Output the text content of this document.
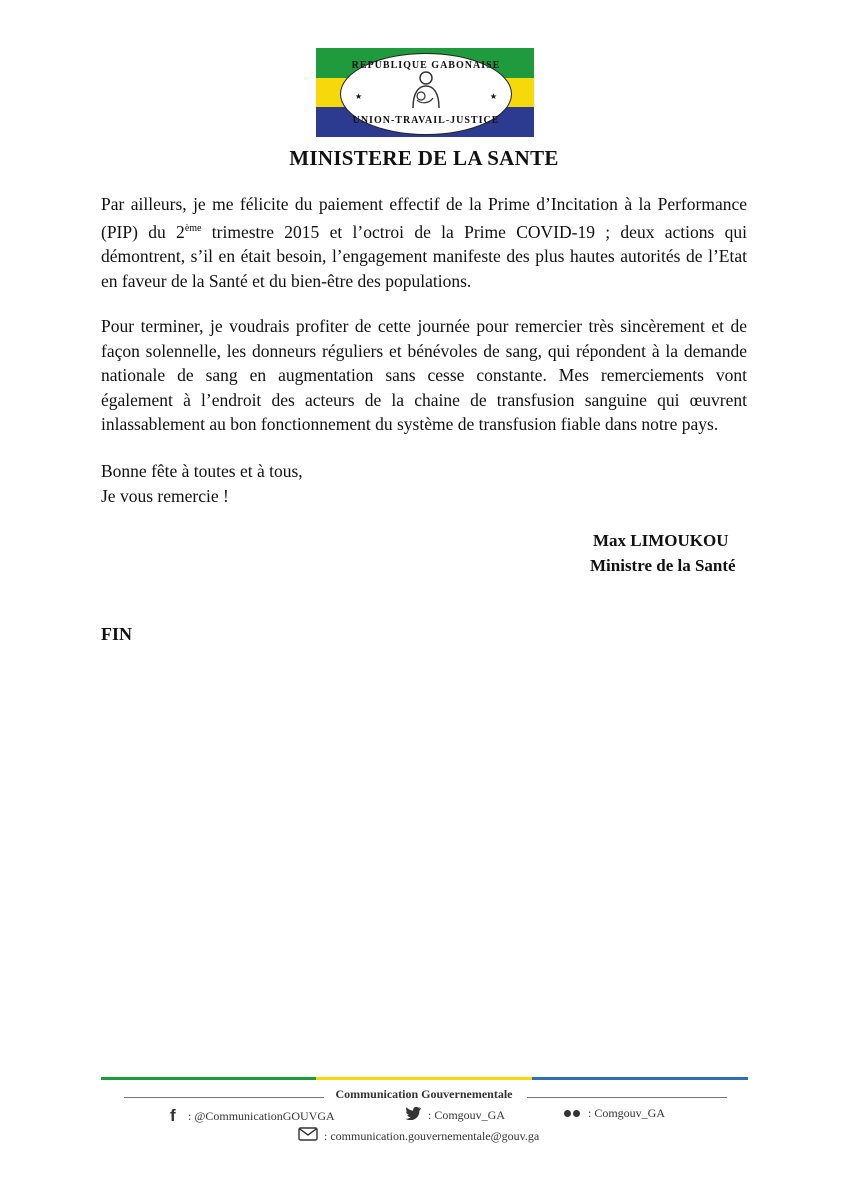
REPUBLIQUE GABONAISE
★	★
UNION-TRAVAIL-JUSTICE
MINISTERE DE LA SANTE
Par ailleurs, je me félicite du paiement effectif de la Prime d’Incitation à la Performance (PIP) du 2ème trimestre 2015 et l’octroi de la Prime COVID-19 ; deux actions qui démontrent, s’il en était besoin, l’engagement manifeste des plus hautes autorités de l’Etat en faveur de la Santé et du bien-être des populations.
Pour terminer, je voudrais profiter de cette journée pour remercier très sincèrement et de façon solennelle, les donneurs réguliers et bénévoles de sang, qui répondent à la demande nationale de sang en augmentation sans cesse constante. Mes remerciements vont également à l’endroit des acteurs de la chaine de transfusion sanguine qui œuvrent inlassablement au bon fonctionnement du système de transfusion fiable dans notre pays.
Bonne fête à toutes et à tous,
Je vous remercie !
Max LIMOUKOU
Ministre de la Santé
FIN
Communication Gouvernementale
f	: @CommunicationGOUVGA	: Comgouv_GA	: Comgouv_GA
: communication.gouvernementale@gouv.ga
